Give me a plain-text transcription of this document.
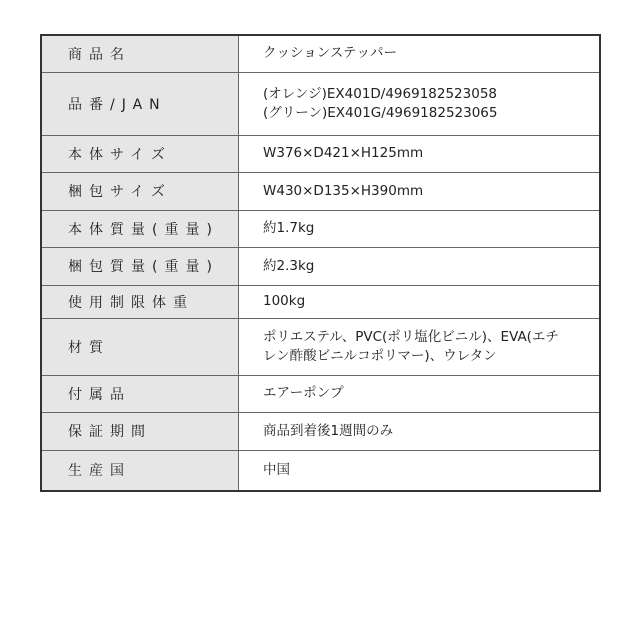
商品名	クッションステッパー

品番/JAN	(オレンジ)EX401D/4969182523058
(グリーン)EX401G/4969182523065

本体サイズ	W376×D421×H125mm

梱包サイズ	W430×D135×H390mm

本体質量(重量)	約1.7kg

梱包質量(重量)	約2.3kg

使用制限体重	100kg

材質	ポリエステル、PVC(ポリ塩化ビニル)、EVA(エチ
レン酢酸ビニルコポリマー)、ウレタン

付属品	エアーポンプ

保証期間	商品到着後1週間のみ

生産国	中国
